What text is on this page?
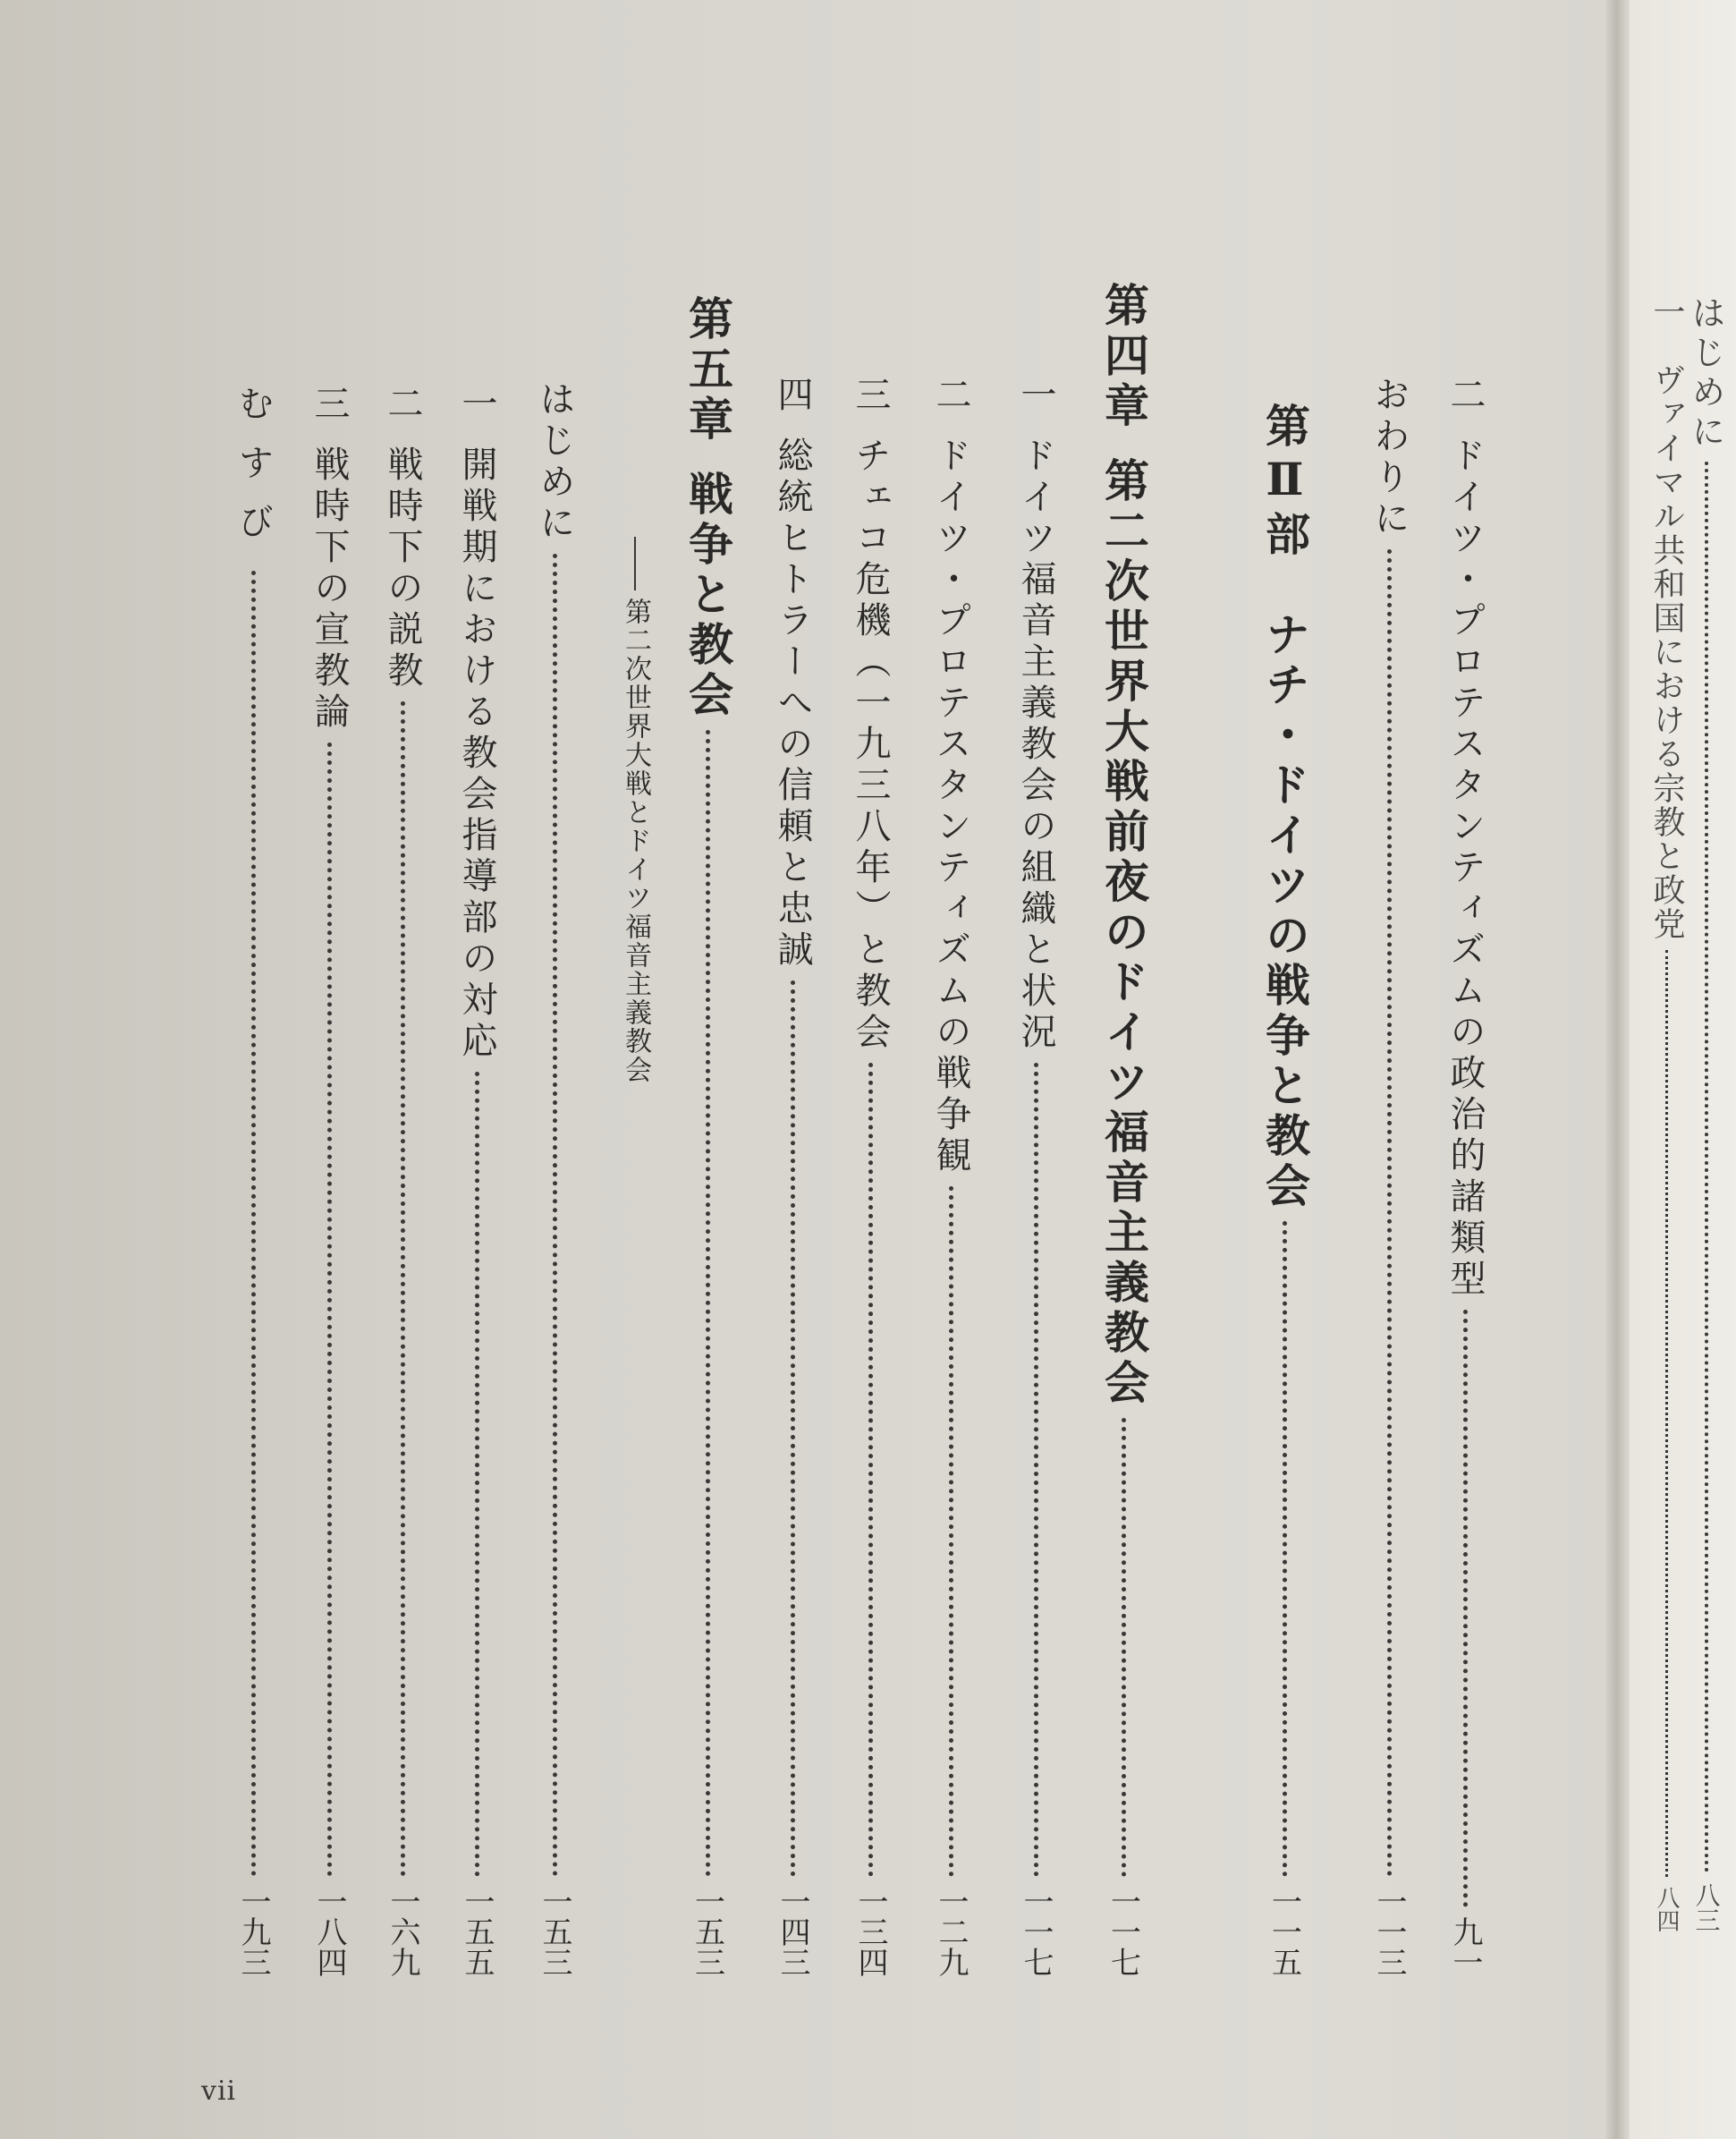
二
ドイツ・プロテスタンティズムの政治的諸類型
九一
おわりに
一一三
第Ⅱ部　ナチ・ドイツの戦争と教会
一一五
第四章
第二次世界大戦前夜のドイツ福音主義教会
一一七
一
ドイツ福音主義教会の組織と状況
一一七
二
ドイツ・プロテスタンティズムの戦争観
一二九
三
チェコ危機（一九三八年）と教会
一三四
四
総統ヒトラーへの信頼と忠誠
一四三
第五章
戦争と教会
一五三
第二次世界大戦とドイツ福音主義教会
はじめに
一五三
一
開戦期における教会指導部の対応
一五五
二
戦時下の説教
一六九
三
戦時下の宣教論
一八四
むすび
一九三
vii
はじめに
八三
一　ヴァイマル共和国における宗教と政党
八四
